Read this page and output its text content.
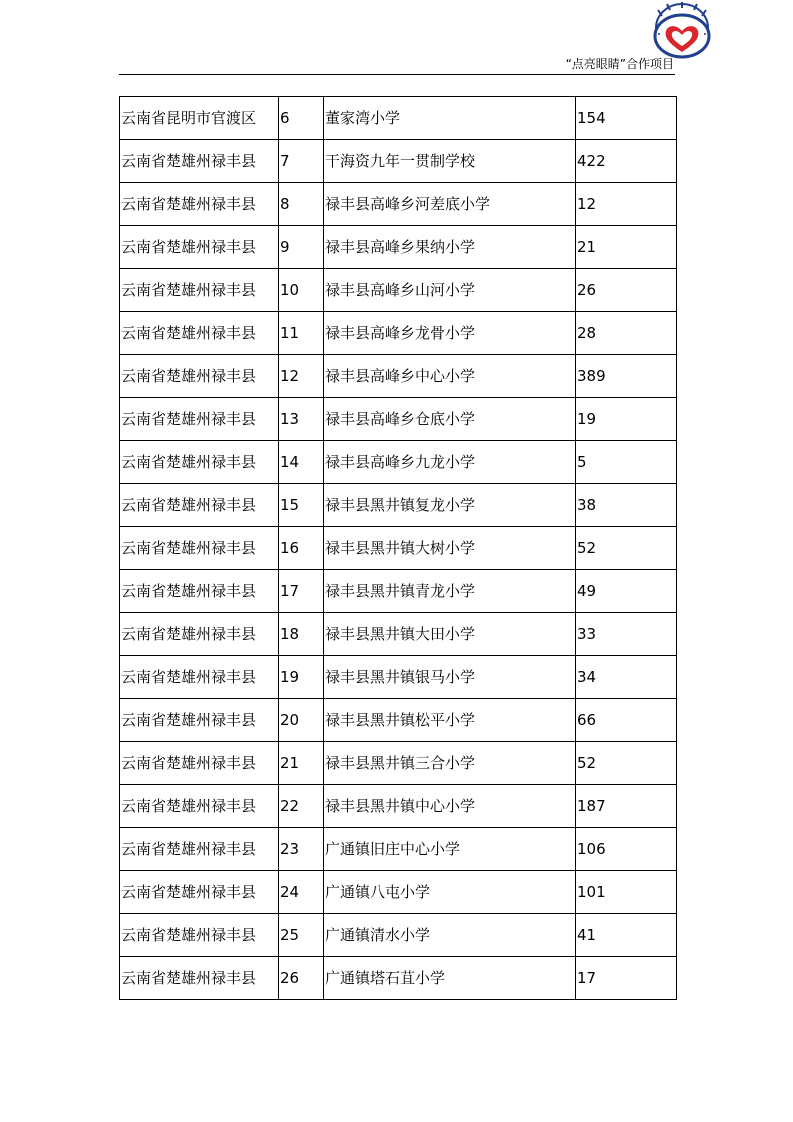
“点亮眼睛”合作项目
云南省昆明市官渡区	6	董家湾小学	154
云南省楚雄州禄丰县	7	干海资九年一贯制学校	422
云南省楚雄州禄丰县	8	禄丰县高峰乡河差底小学	12
云南省楚雄州禄丰县	9	禄丰县高峰乡果纳小学	21
云南省楚雄州禄丰县	10	禄丰县高峰乡山河小学	26
云南省楚雄州禄丰县	11	禄丰县高峰乡龙骨小学	28
云南省楚雄州禄丰县	12	禄丰县高峰乡中心小学	389
云南省楚雄州禄丰县	13	禄丰县高峰乡仓底小学	19
云南省楚雄州禄丰县	14	禄丰县高峰乡九龙小学	5
云南省楚雄州禄丰县	15	禄丰县黑井镇复龙小学	38
云南省楚雄州禄丰县	16	禄丰县黑井镇大树小学	52
云南省楚雄州禄丰县	17	禄丰县黑井镇青龙小学	49
云南省楚雄州禄丰县	18	禄丰县黑井镇大田小学	33
云南省楚雄州禄丰县	19	禄丰县黑井镇银马小学	34
云南省楚雄州禄丰县	20	禄丰县黑井镇松平小学	66
云南省楚雄州禄丰县	21	禄丰县黑井镇三合小学	52
云南省楚雄州禄丰县	22	禄丰县黑井镇中心小学	187
云南省楚雄州禄丰县	23	广通镇旧庄中心小学	106
云南省楚雄州禄丰县	24	广通镇八屯小学	101
云南省楚雄州禄丰县	25	广通镇清水小学	41
云南省楚雄州禄丰县	26	广通镇塔石苴小学	17
